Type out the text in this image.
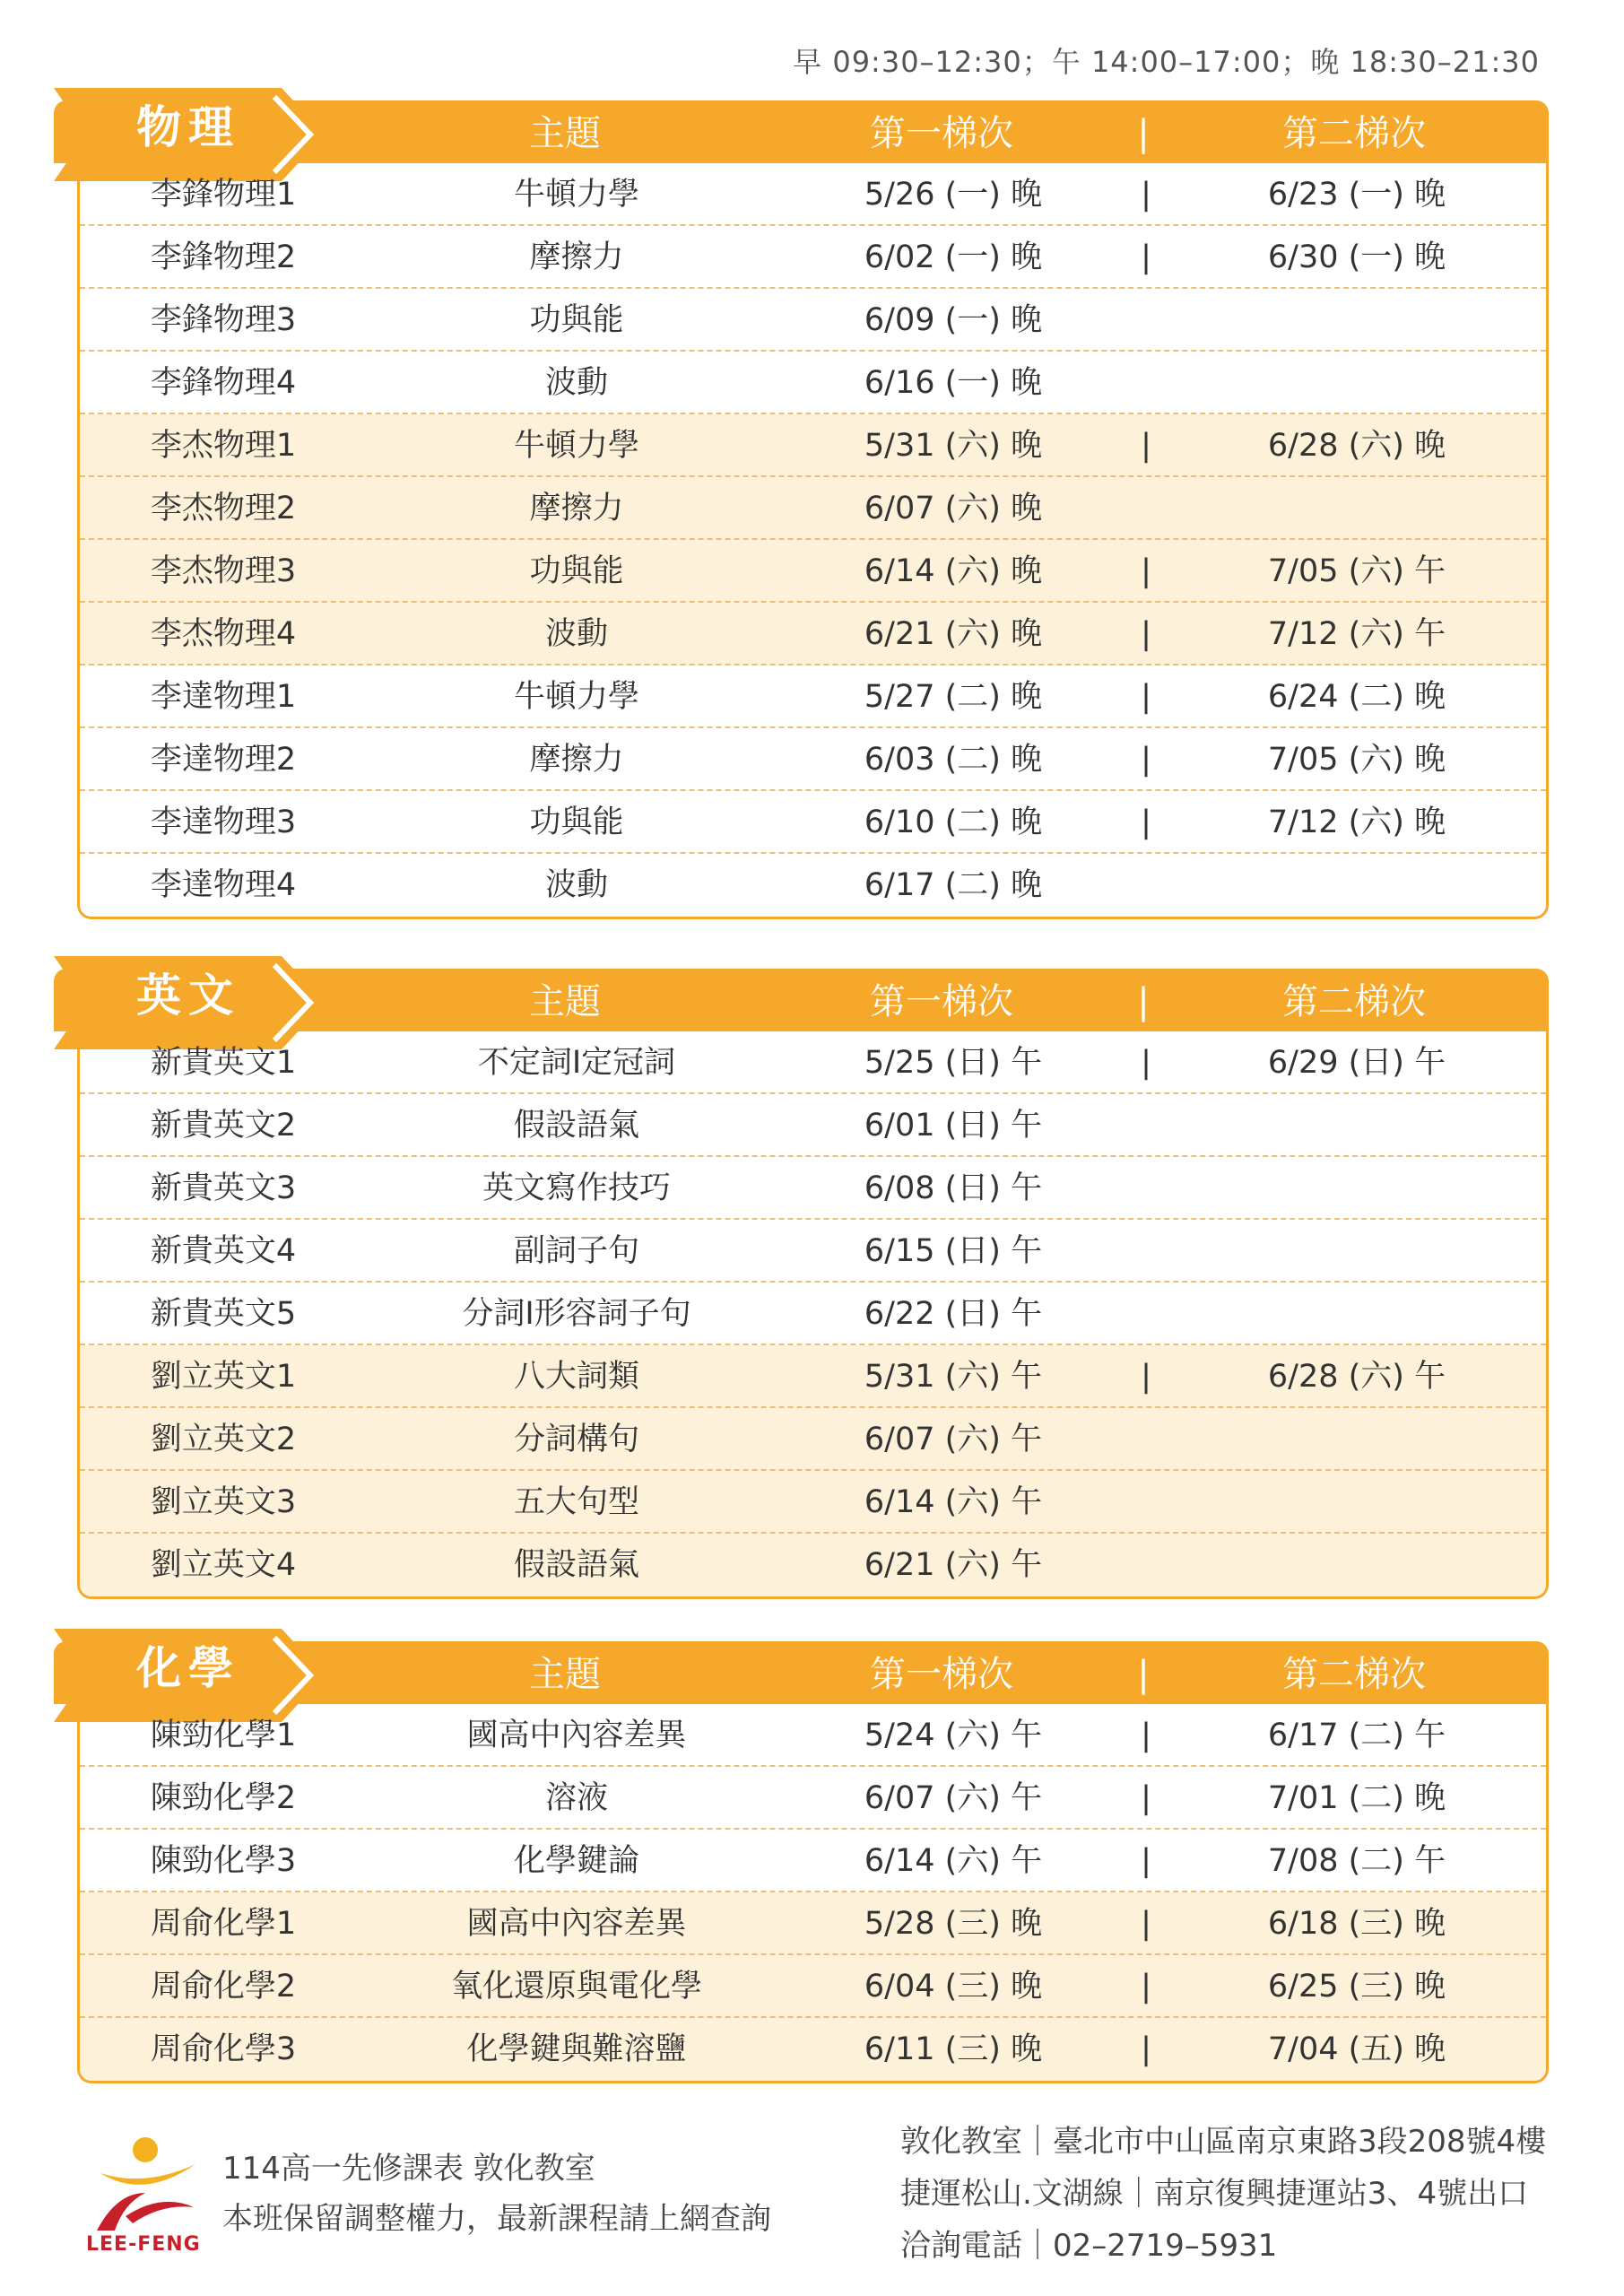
早 09:30–12:30；午 14:00–17:00；晚 18:30–21:30
物理	主題	第一梯次	|	第二梯次
李鋒物理1	牛頓力學	5/26 (一) 晚	|	6/23 (一) 晚
李鋒物理2	摩擦力	6/02 (一) 晚	|	6/30 (一) 晚
李鋒物理3	功與能	6/09 (一) 晚
李鋒物理4	波動	6/16 (一) 晚
李杰物理1	牛頓力學	5/31 (六) 晚	|	6/28 (六) 晚
李杰物理2	摩擦力	6/07 (六) 晚
李杰物理3	功與能	6/14 (六) 晚	|	7/05 (六) 午
李杰物理4	波動	6/21 (六) 晚	|	7/12 (六) 午
李達物理1	牛頓力學	5/27 (二) 晚	|	6/24 (二) 晚
李達物理2	摩擦力	6/03 (二) 晚	|	7/05 (六) 晚
李達物理3	功與能	6/10 (二) 晚	|	7/12 (六) 晚
李達物理4	波動	6/17 (二) 晚
英文	主題	第一梯次	|	第二梯次
新貴英文1	不定詞I定冠詞	5/25 (日) 午	|	6/29 (日) 午
新貴英文2	假設語氣	6/01 (日) 午
新貴英文3	英文寫作技巧	6/08 (日) 午
新貴英文4	副詞子句	6/15 (日) 午
新貴英文5	分詞I形容詞子句	6/22 (日) 午
劉立英文1	八大詞類	5/31 (六) 午	|	6/28 (六) 午
劉立英文2	分詞構句	6/07 (六) 午
劉立英文3	五大句型	6/14 (六) 午
劉立英文4	假設語氣	6/21 (六) 午
化學	主題	第一梯次	|	第二梯次
陳勁化學1	國高中內容差異	5/24 (六) 午	|	6/17 (二) 午
陳勁化學2	溶液	6/07 (六) 午	|	7/01 (二) 晚
陳勁化學3	化學鍵論	6/14 (六) 午	|	7/08 (二) 午
周俞化學1	國高中內容差異	5/28 (三) 晚	|	6/18 (三) 晚
周俞化學2	氧化還原與電化學	6/04 (三) 晚	|	6/25 (三) 晚
周俞化學3	化學鍵與難溶鹽	6/11 (三) 晚	|	7/04 (五) 晚
LEE-FENG
114高一先修課表 敦化教室
本班保留調整權力，最新課程請上網查詢
敦化教室｜臺北市中山區南京東路3段208號4樓
捷運松山.文湖線｜南京復興捷運站3、4號出口
洽詢電話｜02–2719–5931
